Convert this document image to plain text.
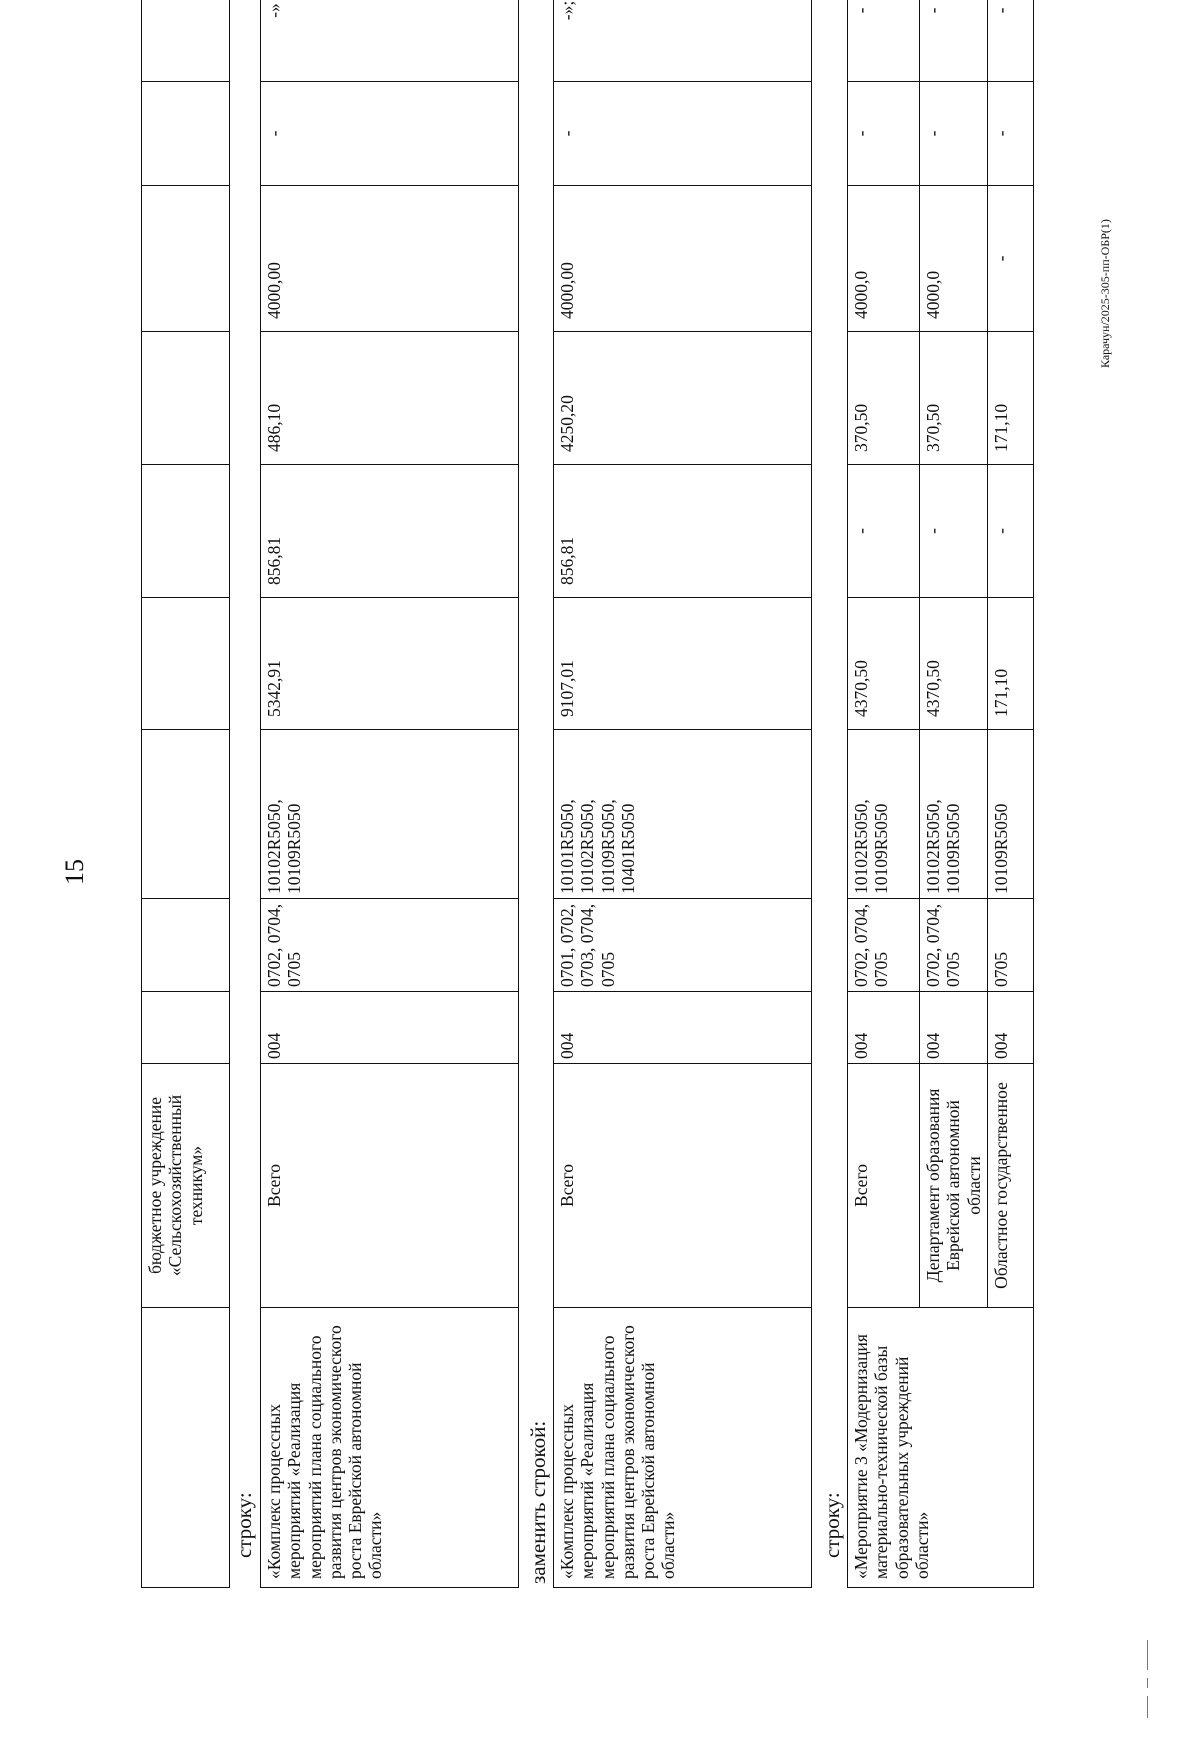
15
	бюджетное учреждение «Сельскохозяйственный техникум»									
строку: «Комплекс процессных мероприятий «Реализация мероприятий плана социального развития центров экономического роста Еврейской автономной области»	Всего	004	0702, 0704, 0705	10102R5050, 10109R5050	5342,91	856,81	486,10	4000,00	-	-»
заменить строкой: «Комплекс процессных мероприятий «Реализация мероприятий плана социального развития центров экономического роста Еврейской автономной области»	Всего	004	0701, 0702, 0703, 0704, 0705	10101R5050, 10102R5050, 10109R5050, 10401R5050	9107,01	856,81	4250,20	4000,00	-	-»;
строку: «Мероприятие 3 «Модернизация материально-технической базы образовательных учреждений области»	Всего	004	0702, 0704, 0705	10102R5050, 10109R5050	4370,50	-	370,50	4000,0	-	-
	Департамент образования Еврейской автономной области	004	0702, 0704, 0705	10102R5050, 10109R5050	4370,50	-	370,50	4000,0	-	-
	Областное государственное	004	0705	10109R5050	171,10	-	171,10	-	-	-
Карачун/2025-305-пп-ОБР(1)
